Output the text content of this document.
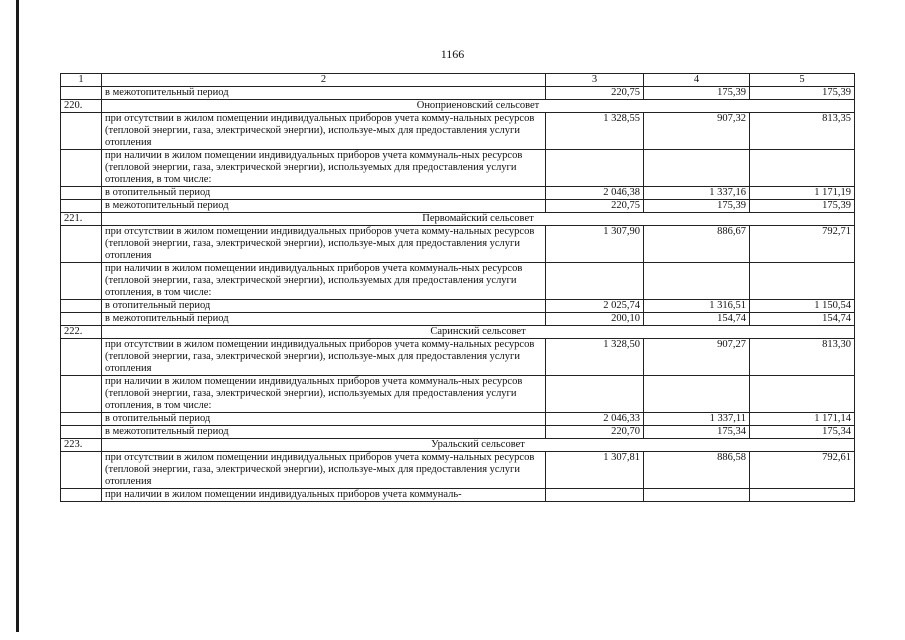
1166
1	2	3	4	5
	в межотопительный период	220,75	175,39	175,39
220.	Оноприеновский сельсовет			
	при отсутствии в жилом помещении индивидуальных приборов учета комму-нальных ресурсов (тепловой энергии, газа, электрической энергии), используе-мых для предоставления услуги отопления	1 328,55	907,32	813,35
	при наличии в жилом помещении индивидуальных приборов учета коммуналь-ных ресурсов (тепловой энергии, газа, электрической энергии), используемых для предоставления услуги отопления, в том числе:			
	в отопительный период	2 046,38	1 337,16	1 171,19
	в межотопительный период	220,75	175,39	175,39
221.	Первомайский сельсовет			
	при отсутствии в жилом помещении индивидуальных приборов учета комму-нальных ресурсов (тепловой энергии, газа, электрической энергии), используе-мых для предоставления услуги отопления	1 307,90	886,67	792,71
	при наличии в жилом помещении индивидуальных приборов учета коммуналь-ных ресурсов (тепловой энергии, газа, электрической энергии), используемых для предоставления услуги отопления, в том числе:			
	в отопительный период	2 025,74	1 316,51	1 150,54
	в межотопительный период	200,10	154,74	154,74
222.	Саринский сельсовет			
	при отсутствии в жилом помещении индивидуальных приборов учета комму-нальных ресурсов (тепловой энергии, газа, электрической энергии), используе-мых для предоставления услуги отопления	1 328,50	907,27	813,30
	при наличии в жилом помещении индивидуальных приборов учета коммуналь-ных ресурсов (тепловой энергии, газа, электрической энергии), используемых для предоставления услуги отопления, в том числе:			
	в отопительный период	2 046,33	1 337,11	1 171,14
	в межотопительный период	220,70	175,34	175,34
223.	Уральский сельсовет			
	при отсутствии в жилом помещении индивидуальных приборов учета комму-нальных ресурсов (тепловой энергии, газа, электрической энергии), используе-мых для предоставления услуги отопления	1 307,81	886,58	792,61
	при наличии в жилом помещении индивидуальных приборов учета коммуналь-			
